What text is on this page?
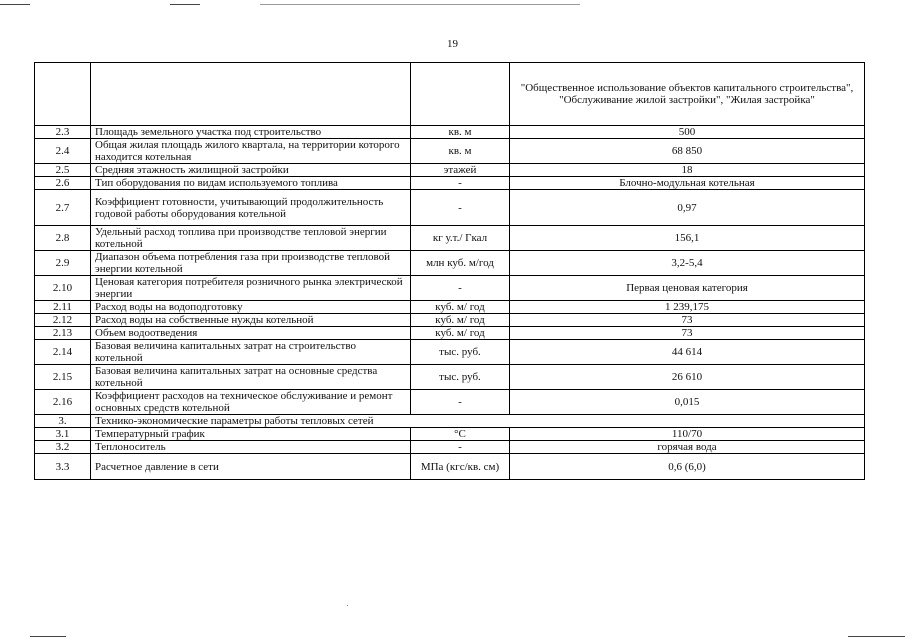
19
			"Общественное использование объектов капитального строительства", "Обслуживание жилой застройки", "Жилая застройка"
2.3	Площадь земельного участка под строительство	кв. м	500
2.4	Общая жилая площадь жилого квартала, на территории которого находится котельная	кв. м	68 850
2.5	Средняя этажность жилищной застройки	этажей	18
2.6	Тип оборудования по видам используемого топлива	-	Блочно-модульная котельная
2.7	Коэффициент готовности, учитывающий продолжительность годовой работы оборудования котельной	-	0,97
2.8	Удельный расход топлива при производстве тепловой энергии котельной	кг у.т./ Гкал	156,1
2.9	Диапазон объема потребления газа при производстве тепловой энергии котельной	млн куб. м/год	3,2-5,4
2.10	Ценовая категория потребителя розничного рынка электрической энергии	-	Первая ценовая категория
2.11	Расход воды на водоподготовку	куб. м/ год	1 239,175
2.12	Расход воды на собственные нужды котельной	куб. м/ год	73
2.13	Объем водоотведения	куб. м/ год	73
2.14	Базовая величина капитальных затрат на строительство котельной	тыс. руб.	44 614
2.15	Базовая величина капитальных затрат на основные средства котельной	тыс. руб.	26 610
2.16	Коэффициент расходов на техническое обслуживание и ремонт основных средств котельной	-	0,015
3.	Технико-экономические параметры работы тепловых сетей		
3.1	Температурный график	°С	110/70
3.2	Теплоноситель	-	горячая вода
3.3	Расчетное давление в сети	МПа (кгс/кв. см)	0,6 (6,0)
